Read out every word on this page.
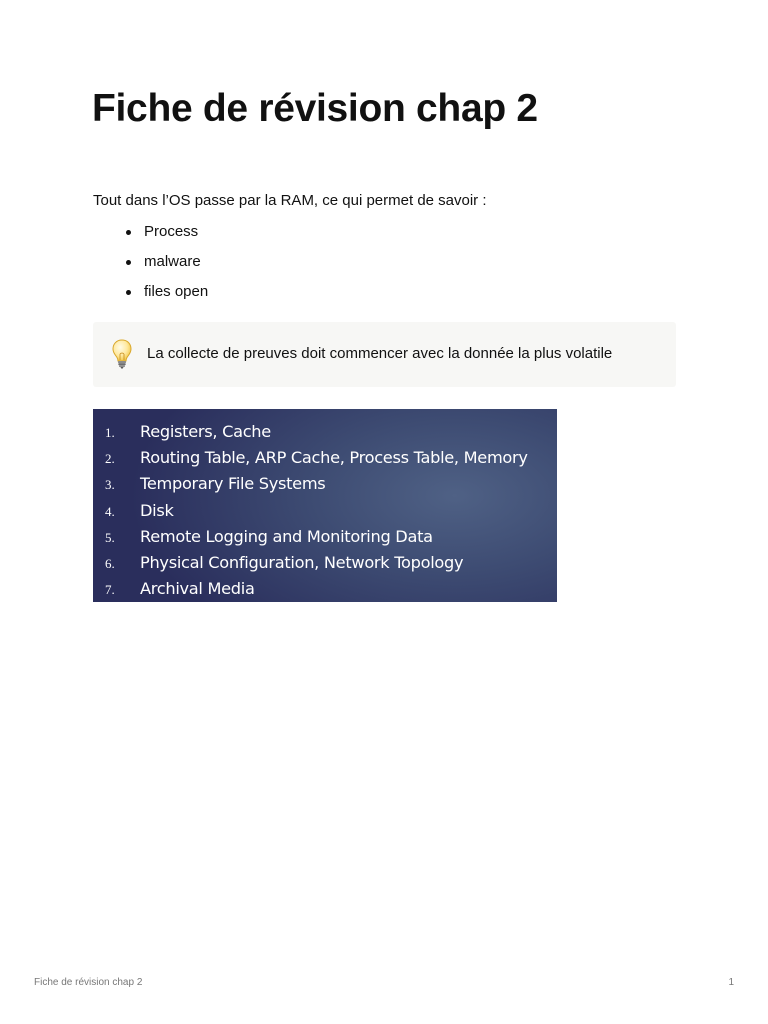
Fiche de révision chap 2

Tout dans l’OS passe par la RAM, ce qui permet de savoir :

Process
malware
files open
La collecte de preuves doit commencer avec la donnée la plus volatile
1. Registers, Cache
2. Routing Table, ARP Cache, Process Table, Memory
3. Temporary File Systems
4. Disk
5. Remote Logging and Monitoring Data
6. Physical Configuration, Network Topology
7. Archival Media
Fiche de révision chap 2	1
